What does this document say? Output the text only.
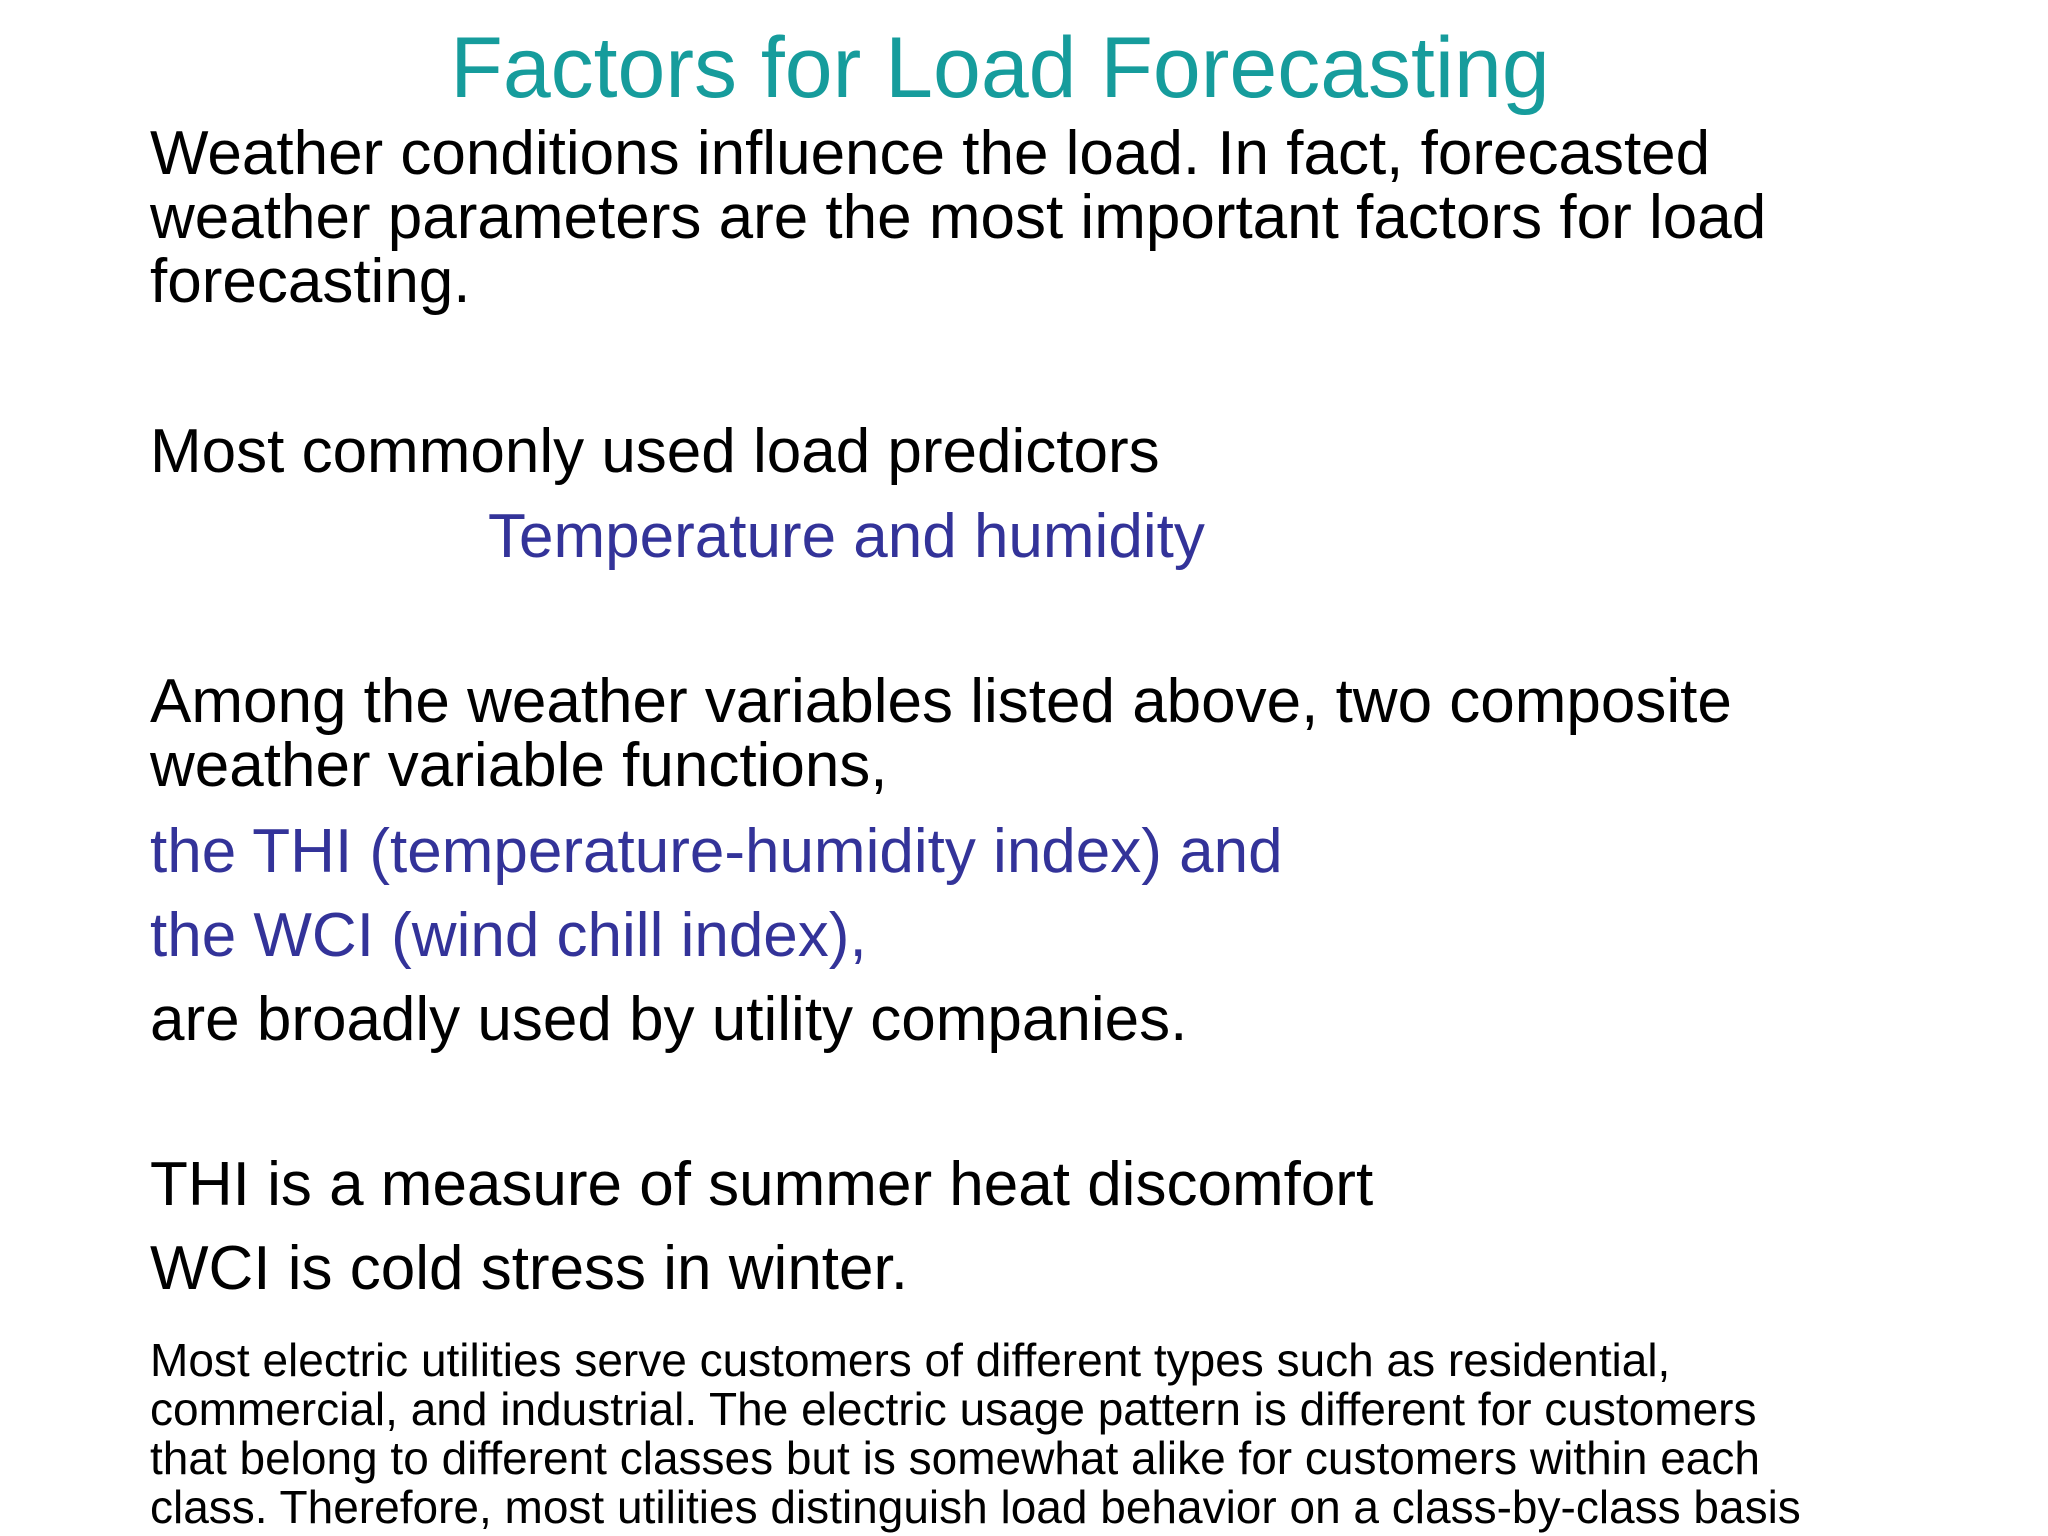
Factors for Load Forecasting
Weather conditions influence the load. In fact, forecasted
weather parameters are the most important factors for load
forecasting.
Most commonly used load predictors
Temperature and humidity
Among the weather variables listed above, two composite
weather variable functions,
the THI (temperature-humidity index) and
the WCI (wind chill index),
are broadly used by utility companies.
THI is a measure of summer heat discomfort
WCI is cold stress in winter.
Most electric utilities serve customers of different types such as residential,
commercial, and industrial. The electric usage pattern is different for customers
that belong to different classes but is somewhat alike for customers within each
class. Therefore, most utilities distinguish load behavior on a class-by-class basis
